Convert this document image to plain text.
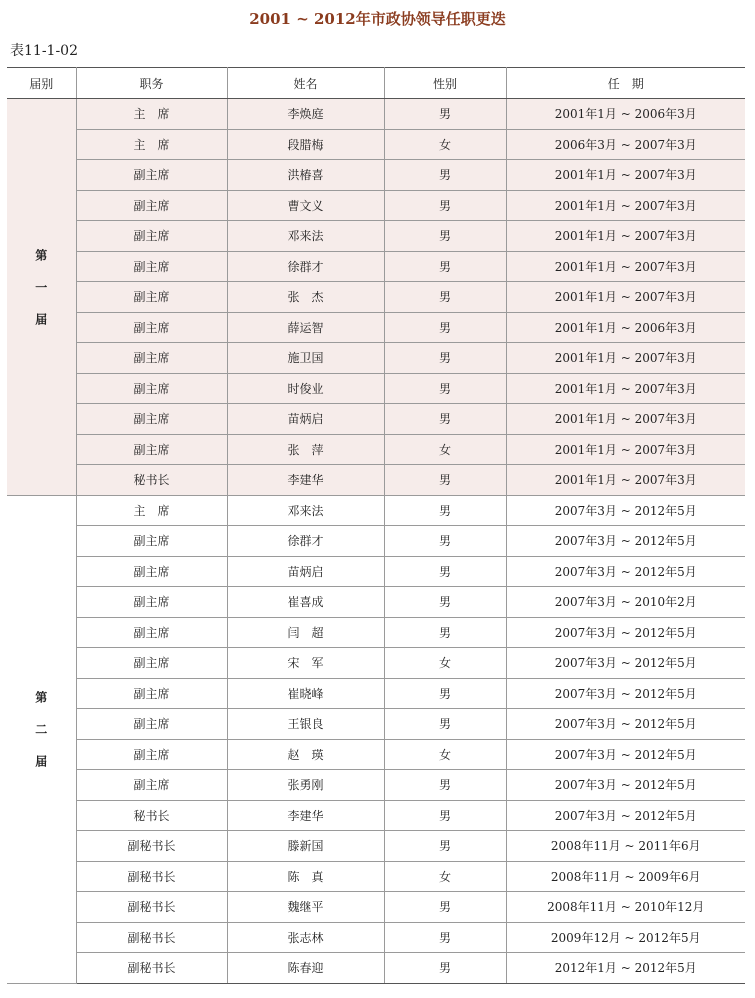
2001 ~ 2012年市政协领导任职更迭
表11-1-02
届别	职务	姓名	性别	任　期
第一届	主　席	李焕庭	男	2001年1月 ~ 2006年3月
	主　席	段腊梅	女	2006年3月 ~ 2007年3月
	副主席	洪椿喜	男	2001年1月 ~ 2007年3月
	副主席	曹文义	男	2001年1月 ~ 2007年3月
	副主席	邓来法	男	2001年1月 ~ 2007年3月
	副主席	徐群才	男	2001年1月 ~ 2007年3月
	副主席	张　杰	男	2001年1月 ~ 2007年3月
	副主席	薛运智	男	2001年1月 ~ 2006年3月
	副主席	施卫国	男	2001年1月 ~ 2007年3月
	副主席	时俊业	男	2001年1月 ~ 2007年3月
	副主席	苗炳启	男	2001年1月 ~ 2007年3月
	副主席	张　萍	女	2001年1月 ~ 2007年3月
	秘书长	李建华	男	2001年1月 ~ 2007年3月
第二届	主　席	邓来法	男	2007年3月 ~ 2012年5月
	副主席	徐群才	男	2007年3月 ~ 2012年5月
	副主席	苗炳启	男	2007年3月 ~ 2012年5月
	副主席	崔喜成	男	2007年3月 ~ 2010年2月
	副主席	闫　超	男	2007年3月 ~ 2012年5月
	副主席	宋　军	女	2007年3月 ~ 2012年5月
	副主席	崔晓峰	男	2007年3月 ~ 2012年5月
	副主席	王银良	男	2007年3月 ~ 2012年5月
	副主席	赵　瑛	女	2007年3月 ~ 2012年5月
	副主席	张勇刚	男	2007年3月 ~ 2012年5月
	秘书长	李建华	男	2007年3月 ~ 2012年5月
	副秘书长	滕新国	男	2008年11月 ~ 2011年6月
	副秘书长	陈　真	女	2008年11月 ~ 2009年6月
	副秘书长	魏继平	男	2008年11月 ~ 2010年12月
	副秘书长	张志林	男	2009年12月 ~ 2012年5月
	副秘书长	陈春迎	男	2012年1月 ~ 2012年5月
